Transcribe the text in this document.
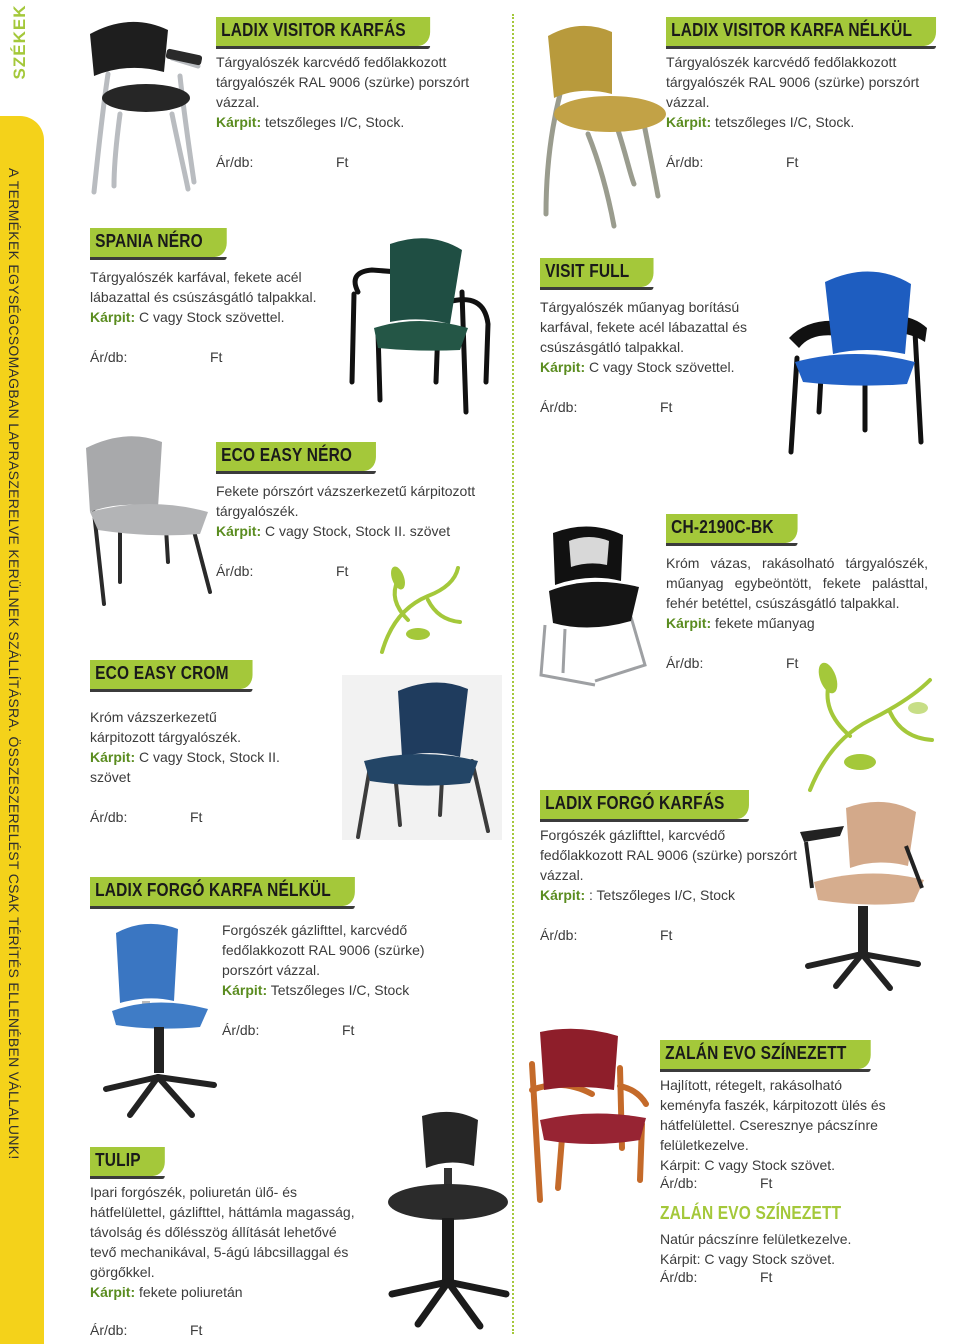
SZÉKEK
A TERMÉKEK EGYSÉGCSOMAGBAN LAPRASZERELVE KERÜLNEK SZÁLLÍTÁSRA. ÖSSZESZERELÉST CSAK TÉRÍTÉS ELLENÉBEN VÁLLALUNK!
LADIX VISITOR KARFÁS
Tárgyalószék karcvédő fedőlakkozott tárgyalószék RAL 9006 (szürke) porszórt vázzal.
Kárpit: tetszőleges I/C, Stock.
Ár/db:	Ft
LADIX VISITOR KARFA NÉLKÜL
Tárgyalószék karcvédő fedőlakkozott tárgyalószék RAL 9006 (szürke) porszórt vázzal.
Kárpit: tetszőleges I/C, Stock.
Ár/db:	Ft
SPANIA NÉRO
Tárgyalószék karfával, fekete acél lábazattal és csúszásgátló talpakkal.
Kárpit: C vagy Stock szövettel.
Ár/db:	Ft
VISIT FULL
Tárgyalószék műanyag borítású karfával, fekete acél lábazattal és csúszásgátló talpakkal.
Kárpit: C vagy Stock szövettel.
Ár/db:	Ft
ECO EASY NÉRO
Fekete pórszórt vázszerkezetű kárpitozott tárgyalószék.
Kárpit: C vagy Stock, Stock II. szövet
Ár/db:	Ft
CH-2190C-BK
Króm vázas, rakásolható tárgyalószék, műanyag egybeöntött, fekete palásttal, fehér betéttel, csúszásgátló talpakkal.
Kárpit: fekete műanyag
Ár/db:	Ft
ECO EASY CROM
Króm vázszerkezetű kárpitozott tárgyalószék.
Kárpit: C vagy Stock, Stock II. szövet
Ár/db:	Ft
LADIX FORGÓ KARFÁS
Forgószék gázlifttel, karcvédő fedőlakkozott RAL 9006 (szürke) porszórt vázzal.
Kárpit: : Tetszőleges I/C, Stock
Ár/db:	Ft
LADIX FORGÓ KARFA NÉLKÜL
Forgószék gázlifttel, karcvédő fedőlakkozott RAL 9006 (szürke) porszórt vázzal.
Kárpit: Tetszőleges I/C, Stock
Ár/db:	Ft
ZALÁN EVO SZÍNEZETT
Hajlított, rétegelt, rakásolható keményfa faszék, kárpitozott ülés és hátfelülettel. Cseresznye pácszínre felületkezelve.
Kárpit: C vagy Stock szövet.
Ár/db:	Ft
ZALÁN EVO SZÍNEZETT
Natúr pácszínre felületkezelve.
Kárpit: C vagy Stock szövet.
Ár/db:	Ft
TULIP
Ipari forgószék, poliuretán ülő- és hátfelülettel, gázlifttel, háttámla magasság, távolság és dőlésszög állítását lehetővé tevő mechanikával, 5-ágú lábcsillaggal és görgőkkel.
Kárpit: fekete poliuretán
Ár/db:	Ft
